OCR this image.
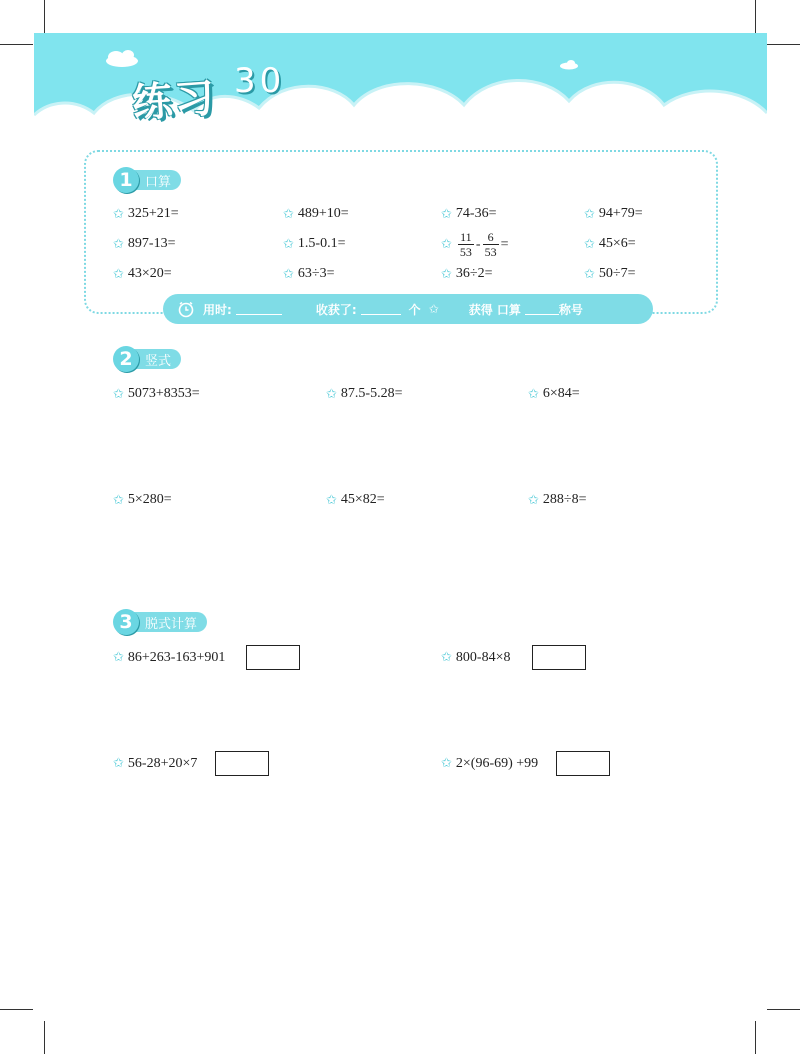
练习 30
1 口算
✩ 325+21=	✩ 489+10=	✩ 74-36=	✩ 94+79=
✩ 897-13=	✩ 1.5-0.1=	✩ $\frac{11}{53} - \frac{6}{53}$ =	✩ 45×6=
✩ 43×20=	✩ 63÷3=	✩ 36÷2=	✩ 50÷7=
用时:	收获了:	个 ✩	获得 口算	称号
2 竖式
✩ 5073+8353=	✩ 87.5-5.28=	✩ 6×84=
✩ 5×280=	✩ 45×82=	✩ 288÷8=
3 脱式计算
✩ 86+263-163+901	✩ 800-84×8
✩ 56-28+20×7	✩ 2×(96-69) +99
